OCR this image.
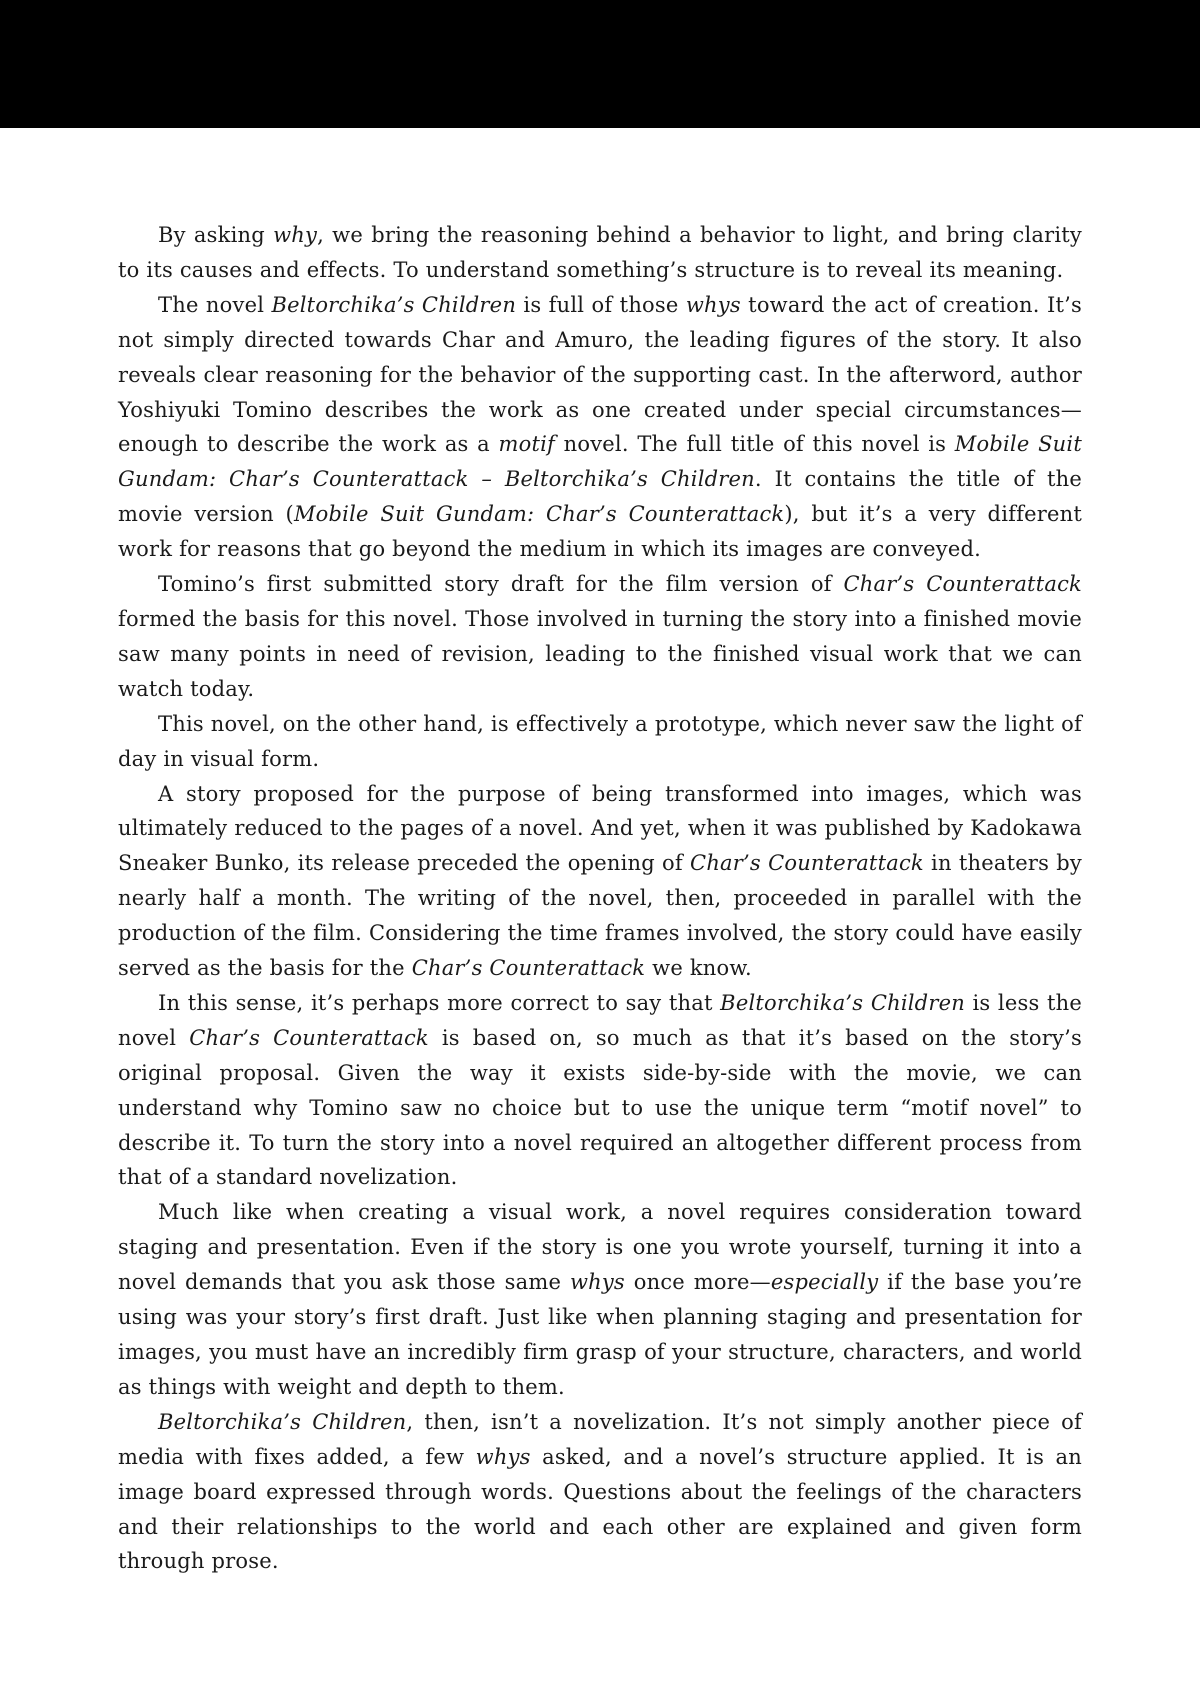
By asking why, we bring the reasoning behind a behavior to light, and bring clarity to its causes and effects. To understand something’s structure is to reveal its meaning.

The novel Beltorchika’s Children is full of those whys toward the act of creation. It’s not simply directed towards Char and Amuro, the leading figures of the story. It also reveals clear reasoning for the behavior of the supporting cast. In the afterword, author Yoshiyuki Tomino describes the work as one created under special circumstances—enough to describe the work as a motif novel. The full title of this novel is Mobile Suit Gundam: Char’s Counterattack – Beltorchika’s Children. It contains the title of the movie version (Mobile Suit Gundam: Char’s Counterattack), but it’s a very different work for reasons that go beyond the medium in which its images are conveyed.

Tomino’s first submitted story draft for the film version of Char’s Counterattack formed the basis for this novel. Those involved in turning the story into a finished movie saw many points in need of revision, leading to the finished visual work that we can watch today.

This novel, on the other hand, is effectively a prototype, which never saw the light of day in visual form.

A story proposed for the purpose of being transformed into images, which was ultimately reduced to the pages of a novel. And yet, when it was published by Kadokawa Sneaker Bunko, its release preceded the opening of Char’s Counterattack in theaters by nearly half a month. The writing of the novel, then, proceeded in parallel with the production of the film. Considering the time frames involved, the story could have easily served as the basis for the Char’s Counterattack we know.

In this sense, it’s perhaps more correct to say that Beltorchika’s Children is less the novel Char’s Counterattack is based on, so much as that it’s based on the story’s original proposal. Given the way it exists side-by-side with the movie, we can understand why Tomino saw no choice but to use the unique term “motif novel” to describe it. To turn the story into a novel required an altogether different process from that of a standard novelization.

Much like when creating a visual work, a novel requires consideration toward staging and presentation. Even if the story is one you wrote yourself, turning it into a novel demands that you ask those same whys once more—especially if the base you’re using was your story’s first draft. Just like when planning staging and presentation for images, you must have an incredibly firm grasp of your structure, characters, and world as things with weight and depth to them.

Beltorchika’s Children, then, isn’t a novelization. It’s not simply another piece of media with fixes added, a few whys asked, and a novel’s structure applied. It is an image board expressed through words. Questions about the feelings of the characters and their relationships to the world and each other are explained and given form through prose.
